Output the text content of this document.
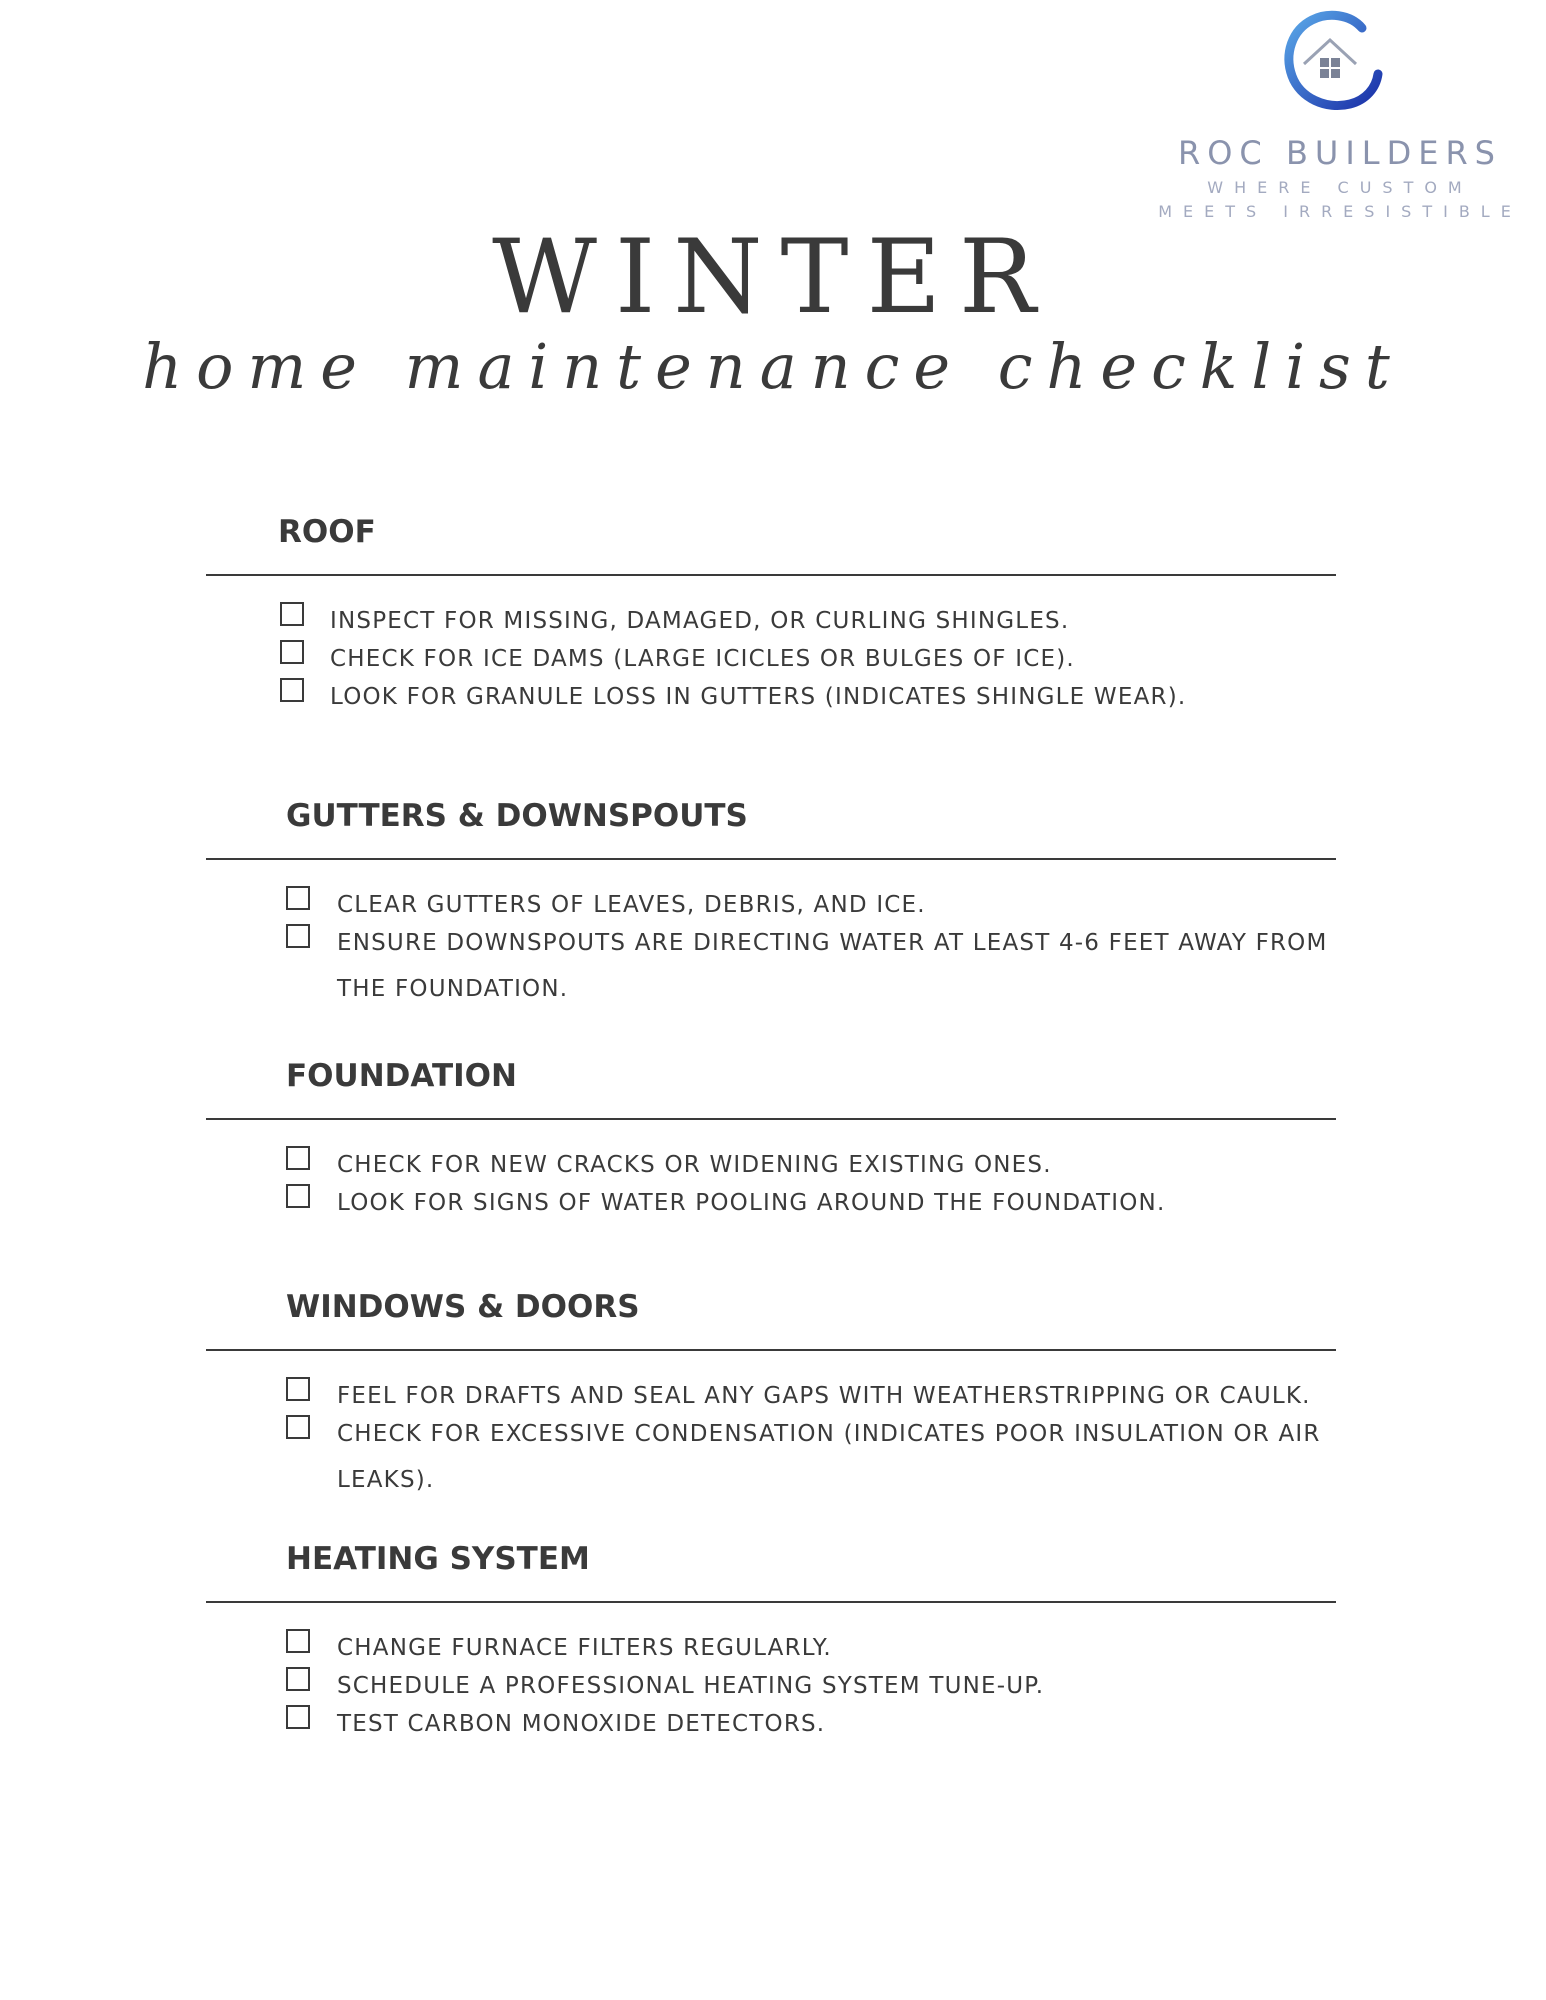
ROC BUILDERS
WHERE CUSTOM
MEETS IRRESISTIBLE
WINTER
home maintenance checklist
ROOF
INSPECT FOR MISSING, DAMAGED, OR CURLING SHINGLES.
CHECK FOR ICE DAMS (LARGE ICICLES OR BULGES OF ICE).
LOOK FOR GRANULE LOSS IN GUTTERS (INDICATES SHINGLE WEAR).
GUTTERS & DOWNSPOUTS
CLEAR GUTTERS OF LEAVES, DEBRIS, AND ICE.
ENSURE DOWNSPOUTS ARE DIRECTING WATER AT LEAST 4-6 FEET AWAY FROM THE FOUNDATION.
FOUNDATION
CHECK FOR NEW CRACKS OR WIDENING EXISTING ONES.
LOOK FOR SIGNS OF WATER POOLING AROUND THE FOUNDATION.
WINDOWS & DOORS
FEEL FOR DRAFTS AND SEAL ANY GAPS WITH WEATHERSTRIPPING OR CAULK.
CHECK FOR EXCESSIVE CONDENSATION (INDICATES POOR INSULATION OR AIR LEAKS).
HEATING SYSTEM
CHANGE FURNACE FILTERS REGULARLY.
SCHEDULE A PROFESSIONAL HEATING SYSTEM TUNE-UP.
TEST CARBON MONOXIDE DETECTORS.
